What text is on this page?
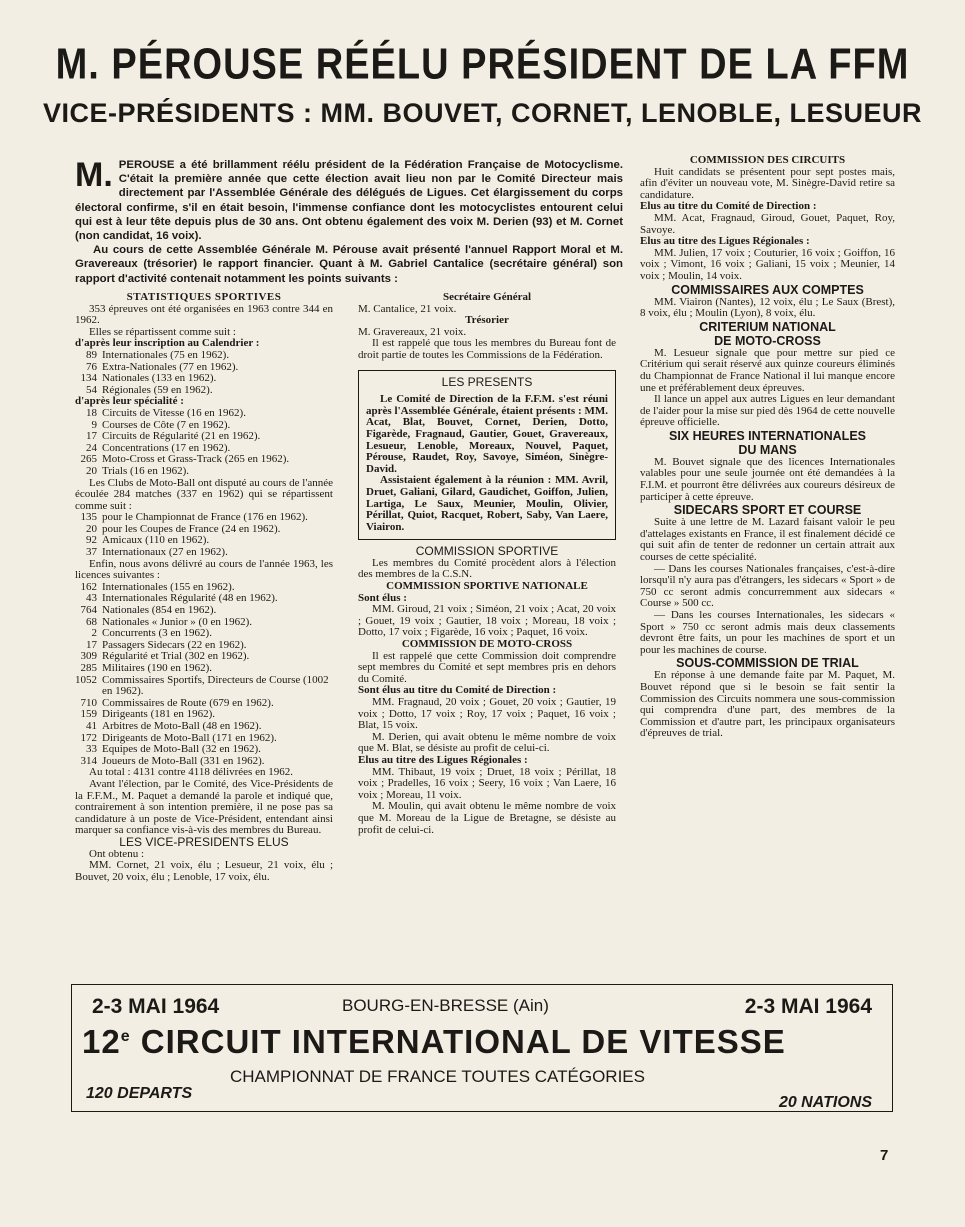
M. PÉROUSE RÉÉLU PRÉSIDENT DE LA FFM
VICE-PRÉSIDENTS : MM. BOUVET, CORNET, LENOBLE, LESUEUR
M. PEROUSE a été brillamment réélu président de la Fédération Française de Motocyclisme. C'était la première année que cette élection avait lieu non par le Comité Directeur mais directement par l'Assemblée Générale des délégués de Ligues. Cet élargissement du corps électoral confirme, s'il en était besoin, l'immense confiance dont les motocyclistes entourent celui qui est à leur tête depuis plus de 30 ans. Ont obtenu également des voix M. Derien (93) et M. Cornet (non candidat, 16 voix).

Au cours de cette Assemblée Générale M. Pérouse avait présenté l'annuel Rapport Moral et M. Gravereaux (trésorier) le rapport financier. Quant à M. Gabriel Cantalice (secrétaire général) son rapport d'activité contenait notamment les points suivants :

STATISTIQUES SPORTIVES

353 épreuves ont été organisées en 1963 contre 344 en 1962.

Elles se répartissent comme suit :

d'après leur inscription au Calendrier :

89 Internationales (75 en 1962).
76 Extra-Nationales (77 en 1962).
134 Nationales (133 en 1962).
54 Régionales (59 en 1962).

d'après leur spécialité :

18 Circuits de Vitesse (16 en 1962).
9 Courses de Côte (7 en 1962).
17 Circuits de Régularité (21 en 1962).
24 Concentrations (17 en 1962).
265 Moto-Cross et Grass-Track (265 en 1962).
20 Trials (16 en 1962).

Les Clubs de Moto-Ball ont disputé au cours de l'année écoulée 284 matches (337 en 1962) qui se répartissent comme suit :

135 pour le Championnat de France (176 en 1962).
20 pour les Coupes de France (24 en 1962).
92 Amicaux (110 en 1962).
37 Internationaux (27 en 1962).

Enfin, nous avons délivré au cours de l'année 1963, les licences suivantes :

162 Internationales (155 en 1962).
43 Internationales Régularité (48 en 1962).
764 Nationales (854 en 1962).
68 Nationales « Junior » (0 en 1962).
2 Concurrents (3 en 1962).
17 Passagers Sidecars (22 en 1962).
309 Régularité et Trial (302 en 1962).
285 Militaires (190 en 1962).
1052 Commissaires Sportifs, Directeurs de Course (1002 en 1962).
710 Commissaires de Route (679 en 1962).
159 Dirigeants (181 en 1962).
41 Arbitres de Moto-Ball (48 en 1962).
172 Dirigeants de Moto-Ball (171 en 1962).
33 Equipes de Moto-Ball (32 en 1962).
314 Joueurs de Moto-Ball (331 en 1962).

Au total : 4131 contre 4118 délivrées en 1962.

Avant l'élection, par le Comité, des Vice-Présidents de la F.F.M., M. Paquet a demandé la parole et indiqué que, contrairement à son intention première, il ne pose pas sa candidature à un poste de Vice-Président, entendant ainsi marquer sa confiance vis-à-vis des membres du Bureau.

LES VICE-PRESIDENTS ELUS

Ont obtenu :

MM. Cornet, 21 voix, élu ; Lesueur, 21 voix, élu ; Bouvet, 20 voix, élu ; Lenoble, 17 voix, élu.

Secrétaire Général

M. Cantalice, 21 voix.

Trésorier

M. Gravereaux, 21 voix.

Il est rappelé que tous les membres du Bureau font de droit partie de toutes les Commissions de la Fédération.

LES PRESENTS

Le Comité de Direction de la F.F.M. s'est réuni après l'Assemblée Générale, étaient présents : MM. Acat, Blat, Bouvet, Cornet, Derien, Dotto, Figarède, Fragnaud, Gautier, Gouet, Gravereaux, Lesueur, Lenoble, Moreaux, Nouvel, Paquet, Pérouse, Raudet, Roy, Savoye, Siméon, Sinègre-David.

Assistaient également à la réunion : MM. Avril, Druet, Galiani, Gilard, Gaudichet, Goiffon, Julien, Lartiga, Le Saux, Meunier, Moulin, Olivier, Périllat, Quiot, Racquet, Robert, Saby, Van Laere, Viairon.

COMMISSION SPORTIVE

Les membres du Comité procèdent alors à l'élection des membres de la C.S.N.

COMMISSION SPORTIVE NATIONALE

Sont élus :

MM. Giroud, 21 voix ; Siméon, 21 voix ; Acat, 20 voix ; Gouet, 19 voix ; Gautier, 18 voix ; Moreau, 18 voix ; Dotto, 17 voix ; Figarède, 16 voix ; Paquet, 16 voix.

COMMISSION DE MOTO-CROSS

Il est rappelé que cette Commission doit comprendre sept membres du Comité et sept membres pris en dehors du Comité.

Sont élus au titre du Comité de Direction :

MM. Fragnaud, 20 voix ; Gouet, 20 voix ; Gautier, 19 voix ; Dotto, 17 voix ; Roy, 17 voix ; Paquet, 16 voix ; Blat, 15 voix.

M. Derien, qui avait obtenu le même nombre de voix que M. Blat, se désiste au profit de celui-ci.

Elus au titre des Ligues Régionales :

MM. Thibaut, 19 voix ; Druet, 18 voix ; Périllat, 18 voix ; Pradelles, 16 voix ; Seery, 16 voix ; Van Laere, 16 voix ; Moreau, 11 voix.

M. Moulin, qui avait obtenu le même nombre de voix que M. Moreau de la Ligue de Bretagne, se désiste au profit de celui-ci.

COMMISSION DES CIRCUITS

Huit candidats se présentent pour sept postes mais, afin d'éviter un nouveau vote, M. Sinègre-David retire sa candidature.

Elus au titre du Comité de Direction :

MM. Acat, Fragnaud, Giroud, Gouet, Paquet, Roy, Savoye.

Elus au titre des Ligues Régionales :

MM. Julien, 17 voix ; Couturier, 16 voix ; Goiffon, 16 voix ; Vimont, 16 voix ; Galiani, 15 voix ; Meunier, 14 voix ; Moulin, 14 voix.

COMMISSAIRES AUX COMPTES

MM. Viairon (Nantes), 12 voix, élu ; Le Saux (Brest), 8 voix, élu ; Moulin (Lyon), 8 voix, élu.

CRITERIUM NATIONAL
DE MOTO-CROSS

M. Lesueur signale que pour mettre sur pied ce Critérium qui serait réservé aux quinze coureurs éliminés du Championnat de France National il lui manque encore une et préférablement deux épreuves.

Il lance un appel aux autres Ligues en leur demandant de l'aider pour la mise sur pied dès 1964 de cette nouvelle épreuve officielle.

SIX HEURES INTERNATIONALES
DU MANS

M. Bouvet signale que des licences Internationales valables pour une seule journée ont été demandées à la F.I.M. et pourront être délivrées aux coureurs désireux de participer à cette épreuve.

SIDECARS SPORT ET COURSE

Suite à une lettre de M. Lazard faisant valoir le peu d'attelages existants en France, il est finalement décidé ce qui suit afin de tenter de redonner un certain attrait aux courses de cette spécialité.

— Dans les courses Nationales françaises, c'est-à-dire lorsqu'il n'y aura pas d'étrangers, les sidecars « Sport » de 750 cc seront admis concurremment aux sidecars « Course » 500 cc.

— Dans les courses Internationales, les sidecars « Sport » 750 cc seront admis mais deux classements devront être faits, un pour les machines de sport et un pour les machines de course.

SOUS-COMMISSION DE TRIAL

En réponse à une demande faite par M. Paquet, M. Bouvet répond que si le besoin se fait sentir la Commission des Circuits nommera une sous-commission qui comprendra d'une part, des membres de la Commission et d'autre part, les principaux organisateurs d'épreuves de trial.

2-3 MAI 1964	BOURG-EN-BRESSE (Ain)	2-3 MAI 1964
12e CIRCUIT INTERNATIONAL DE VITESSE
CHAMPIONNAT DE FRANCE TOUTES CATÉGORIES
120 DEPARTS
20 NATIONS
7
